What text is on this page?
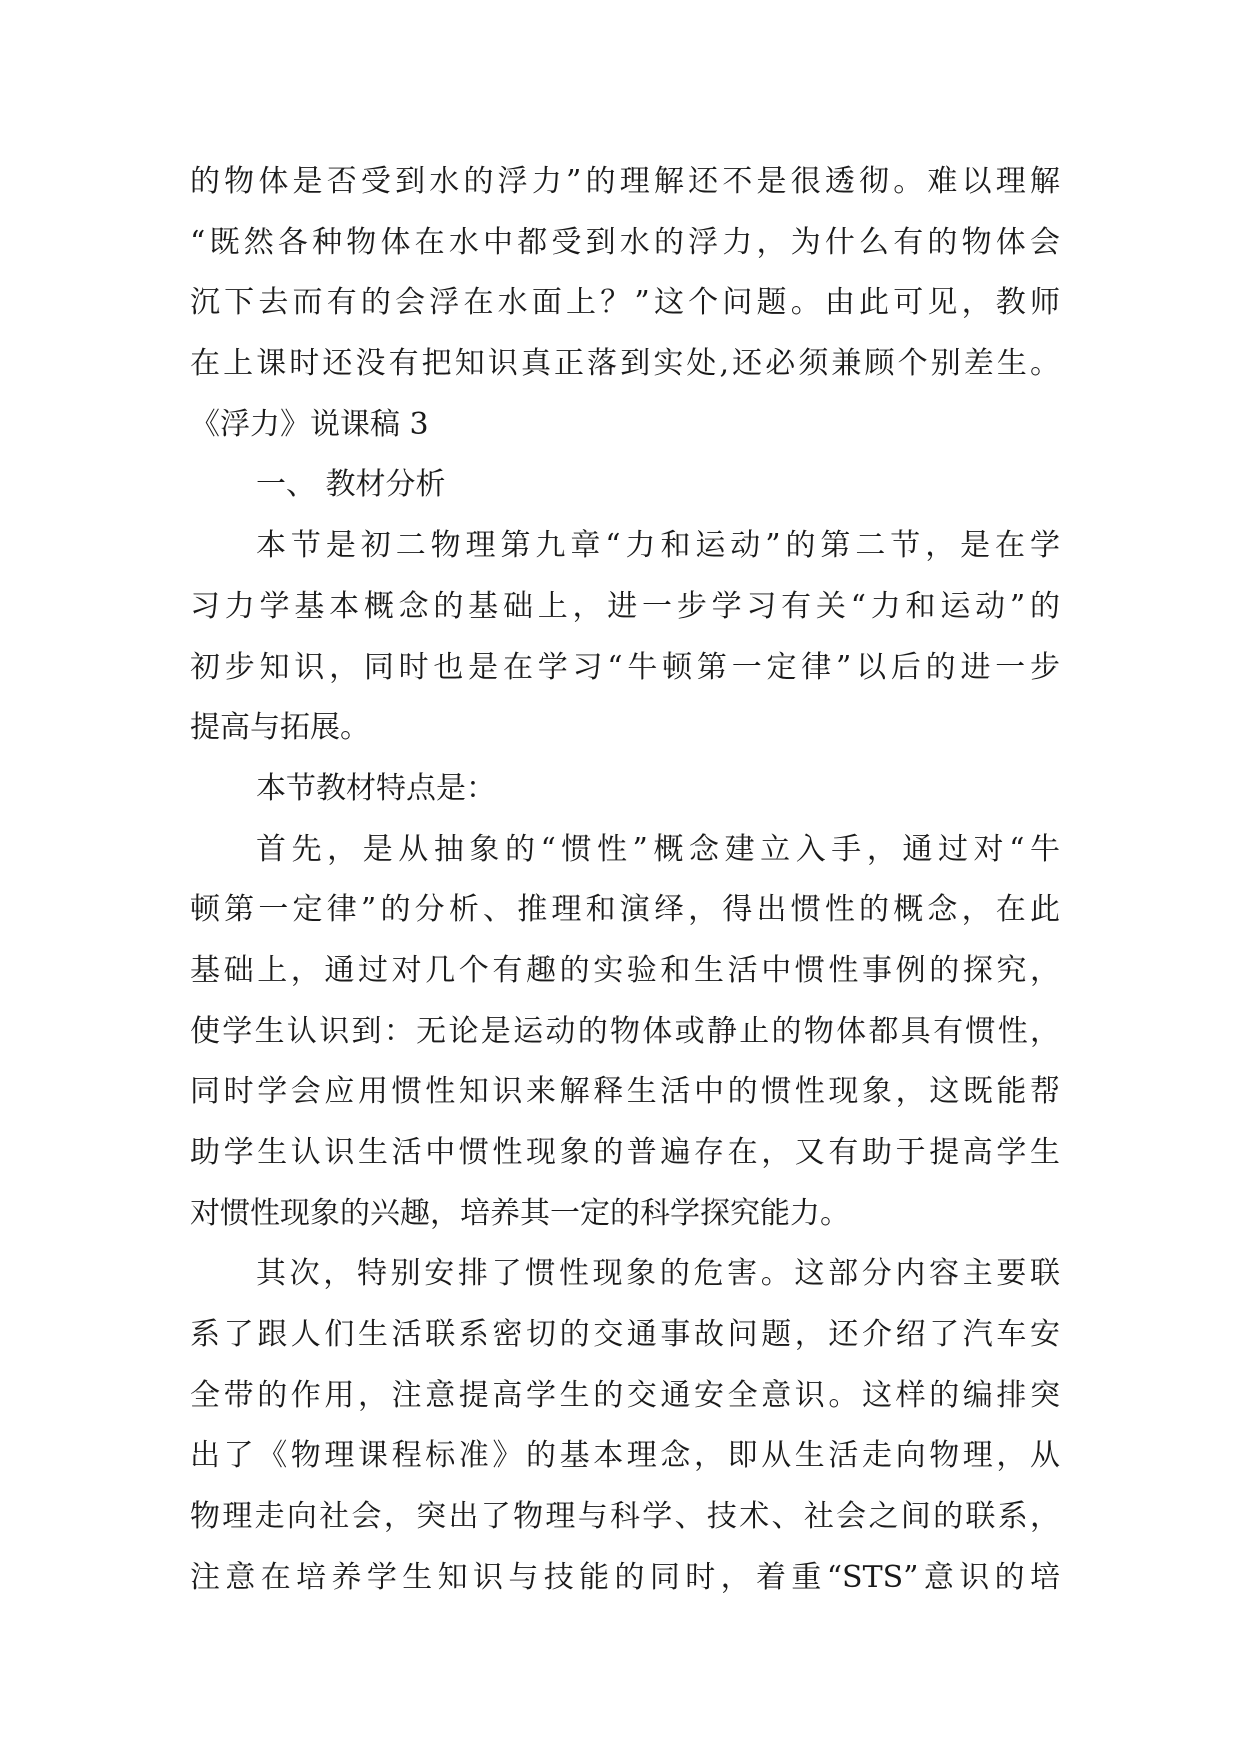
的物体是否受到水的浮力”的理解还不是很透彻。难以理解
“既然各种物体在水中都受到水的浮力，为什么有的物体会
沉下去而有的会浮在水面上？”这个问题。由此可见，教师
在上课时还没有把知识真正落到实处,还必须兼顾个别差生。
《浮力》说课稿 3
一、 教材分析
本节是初二物理第九章“力和运动”的第二节，是在学
习力学基本概念的基础上，进一步学习有关“力和运动”的
初步知识，同时也是在学习“牛顿第一定律”以后的进一步
提高与拓展。
本节教材特点是：
首先，是从抽象的“惯性”概念建立入手，通过对“牛
顿第一定律”的分析、推理和演绎，得出惯性的概念，在此
基础上，通过对几个有趣的实验和生活中惯性事例的探究，
使学生认识到：无论是运动的物体或静止的物体都具有惯性，
同时学会应用惯性知识来解释生活中的惯性现象，这既能帮
助学生认识生活中惯性现象的普遍存在，又有助于提高学生
对惯性现象的兴趣，培养其一定的科学探究能力。
其次，特别安排了惯性现象的危害。这部分内容主要联
系了跟人们生活联系密切的交通事故问题，还介绍了汽车安
全带的作用，注意提高学生的交通安全意识。这样的编排突
出了《物理课程标准》的基本理念，即从生活走向物理，从
物理走向社会，突出了物理与科学、技术、社会之间的联系，
注意在培养学生知识与技能的同时，着重“STS”意识的培
